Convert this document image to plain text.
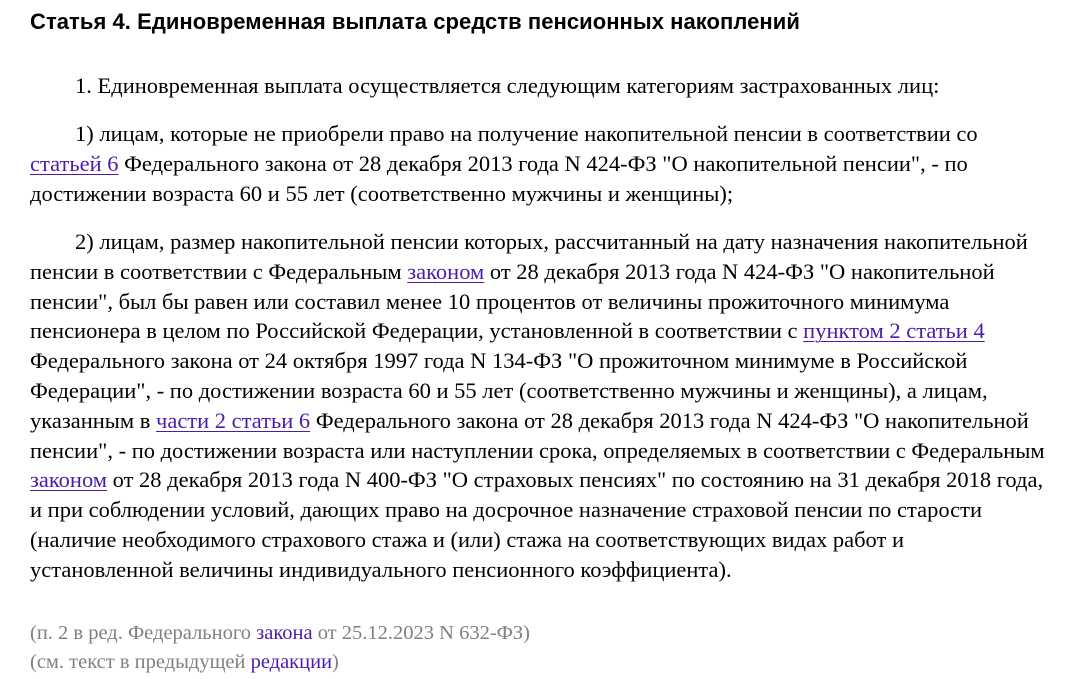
Статья 4. Единовременная выплата средств пенсионных накоплений

1. Единовременная выплата осуществляется следующим категориям застрахованных лиц:

1) лицам, которые не приобрели право на получение накопительной пенсии в соответствии со статьей 6 Федерального закона от 28 декабря 2013 года N 424-ФЗ "О накопительной пенсии", - по достижении возраста 60 и 55 лет (соответственно мужчины и женщины);

2) лицам, размер накопительной пенсии которых, рассчитанный на дату назначения накопительной пенсии в соответствии с Федеральным законом от 28 декабря 2013 года N 424-ФЗ "О накопительной пенсии", был бы равен или составил менее 10 процентов от величины прожиточного минимума пенсионера в целом по Российской Федерации, установленной в соответствии с пунктом 2 статьи 4 Федерального закона от 24 октября 1997 года N 134-ФЗ "О прожиточном минимуме в Российской Федерации", - по достижении возраста 60 и 55 лет (соответственно мужчины и женщины), а лицам, указанным в части 2 статьи 6 Федерального закона от 28 декабря 2013 года N 424-ФЗ "О накопительной пенсии", - по достижении возраста или наступлении срока, определяемых в соответствии с Федеральным законом от 28 декабря 2013 года N 400-ФЗ "О страховых пенсиях" по состоянию на 31 декабря 2018 года, и при соблюдении условий, дающих право на досрочное назначение страховой пенсии по старости (наличие необходимого страхового стажа и (или) стажа на соответствующих видах работ и установленной величины индивидуального пенсионного коэффициента).

(п. 2 в ред. Федерального закона от 25.12.2023 N 632-ФЗ)

(см. текст в предыдущей редакции)
